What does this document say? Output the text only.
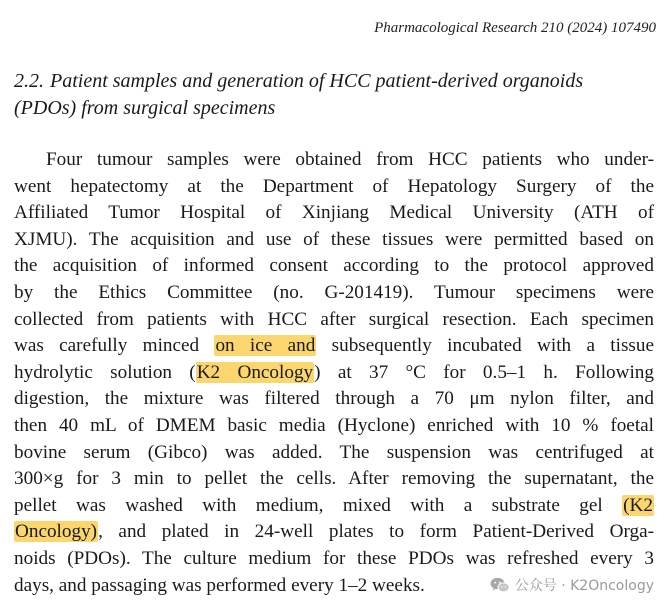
Pharmacological Research 210 (2024) 107490
2.2. Patient samples and generation of HCC patient-derived organoids
(PDOs) from surgical specimens
Four tumour samples were obtained from HCC patients who under-
went hepatectomy at the Department of Hepatology Surgery of the
Affiliated Tumor Hospital of Xinjiang Medical University (ATH of
XJMU). The acquisition and use of these tissues were permitted based on
the acquisition of informed consent according to the protocol approved
by the Ethics Committee (no. G-201419). Tumour specimens were
collected from patients with HCC after surgical resection. Each specimen
was carefully minced on ice and subsequently incubated with a tissue
hydrolytic solution (K2 Oncology) at 37 °C for 0.5–1 h. Following
digestion, the mixture was filtered through a 70 μm nylon filter, and
then 40 mL of DMEM basic media (Hyclone) enriched with 10 % foetal
bovine serum (Gibco) was added. The suspension was centrifuged at
300×g for 3 min to pellet the cells. After removing the supernatant, the
pellet was washed with medium, mixed with a substrate gel (K2
Oncology), and plated in 24-well plates to form Patient-Derived Orga-
noids (PDOs). The culture medium for these PDOs was refreshed every 3
days, and passaging was performed every 1–2 weeks.	公众号 · K2Oncology
